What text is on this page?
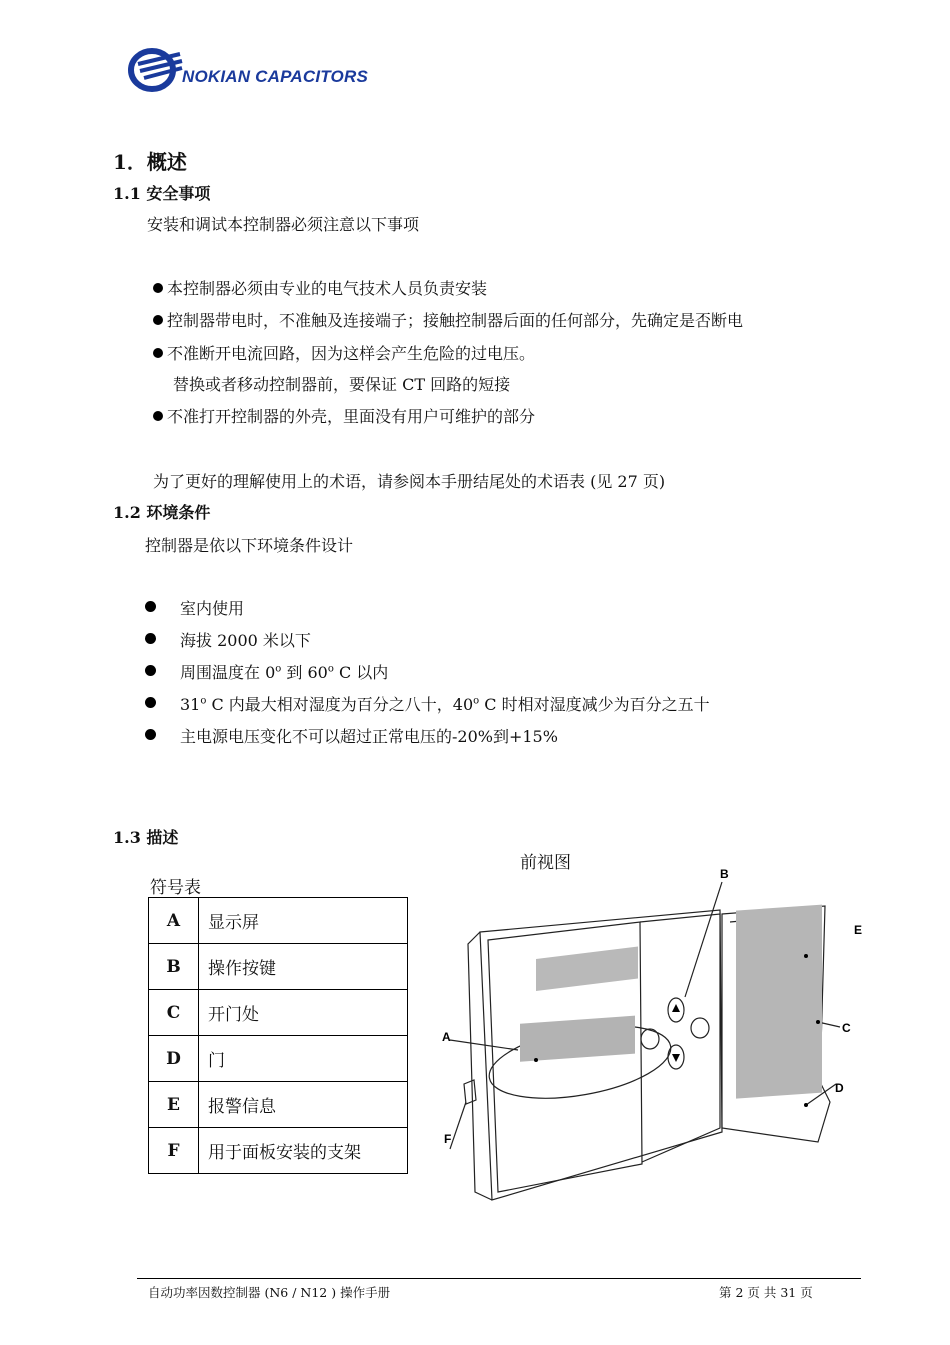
NOKIAN CAPACITORS
1．概述
1.1 安全事项
安装和调试本控制器必须注意以下事项
本控制器必须由专业的电气技术人员负责安装
控制器带电时，不准触及连接端子；接触控制器后面的任何部分，先确定是否断电
不准断开电流回路，因为这样会产生危险的过电压。
替换或者移动控制器前，要保证 CT 回路的短接
不准打开控制器的外壳，里面没有用户可维护的部分
为了更好的理解使用上的术语，请参阅本手册结尾处的术语表 (见 27 页)
1.2 环境条件
控制器是依以下环境条件设计
室内使用
海拔 2000 米以下
周围温度在 0$^o$ 到 60$^o$ C 以内
31$^o$ C 内最大相对湿度为百分之八十，40$^o$ C 时相对湿度减少为百分之五十
主电源电压变化不可以超过正常电压的-20%到+15%
1.3 描述
前视图
符号表
A	显示屏
B	操作按键
C	开门处
D	门
E	报警信息
F	用于面板安装的支架
B
E
A
C
D
F
自动功率因数控制器 (N6 / N12 ) 操作手册	第 2 页 共 31 页
